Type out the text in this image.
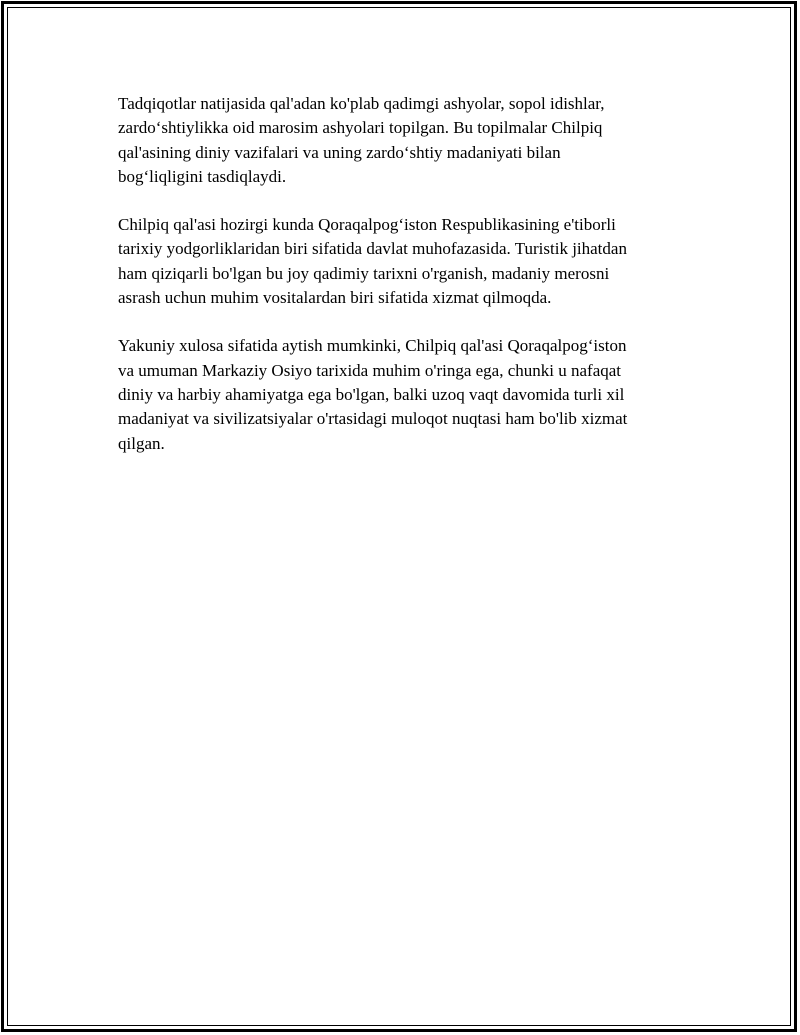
Tadqiqotlar natijasida qal'adan ko'plab qadimgi ashyolar, sopol idishlar,
zardo‘shtiylikka oid marosim ashyolari topilgan. Bu topilmalar Chilpiq
qal'asining diniy vazifalari va uning zardo‘shtiy madaniyati bilan
bog‘liqligini tasdiqlaydi.

Chilpiq qal'asi hozirgi kunda Qoraqalpog‘iston Respublikasining e'tiborli
tarixiy yodgorliklaridan biri sifatida davlat muhofazasida. Turistik jihatdan
ham qiziqarli bo'lgan bu joy qadimiy tarixni o'rganish, madaniy merosni
asrash uchun muhim vositalardan biri sifatida xizmat qilmoqda.

Yakuniy xulosa sifatida aytish mumkinki, Chilpiq qal'asi Qoraqalpog‘iston
va umuman Markaziy Osiyo tarixida muhim o'ringa ega, chunki u nafaqat
diniy va harbiy ahamiyatga ega bo'lgan, balki uzoq vaqt davomida turli xil
madaniyat va sivilizatsiyalar o'rtasidagi muloqot nuqtasi ham bo'lib xizmat
qilgan.
